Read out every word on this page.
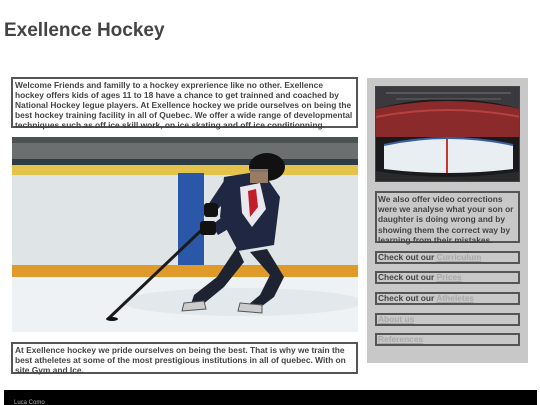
Exellence Hockey
Welcome Friends and familly to a hockey exprerience like no other. Exellence hockey offers kids of ages 11 to 18 have a chance to get trainned and coached by National Hockey legue players. At Exellence hockey we pride ourselves on being the best hockey training facility in all of Quebec. We offer a wide range of developmental techniques such as off ice skill work, on ice skating and off ice conditionning.
At Exellence hockey we pride ourselves on being the best. That is why we train the best atheletes at some of the most prestigious institutions in all of quebec. With on site Gym and Ice.
We also offer video corrections were we analyse what your son or daughter is doing wrong and by showing them the correct way by learning from their mistakes.
Check out our Curriculum
Check out our Prices
Check out our Atheletes
About us
References
Luca Como
